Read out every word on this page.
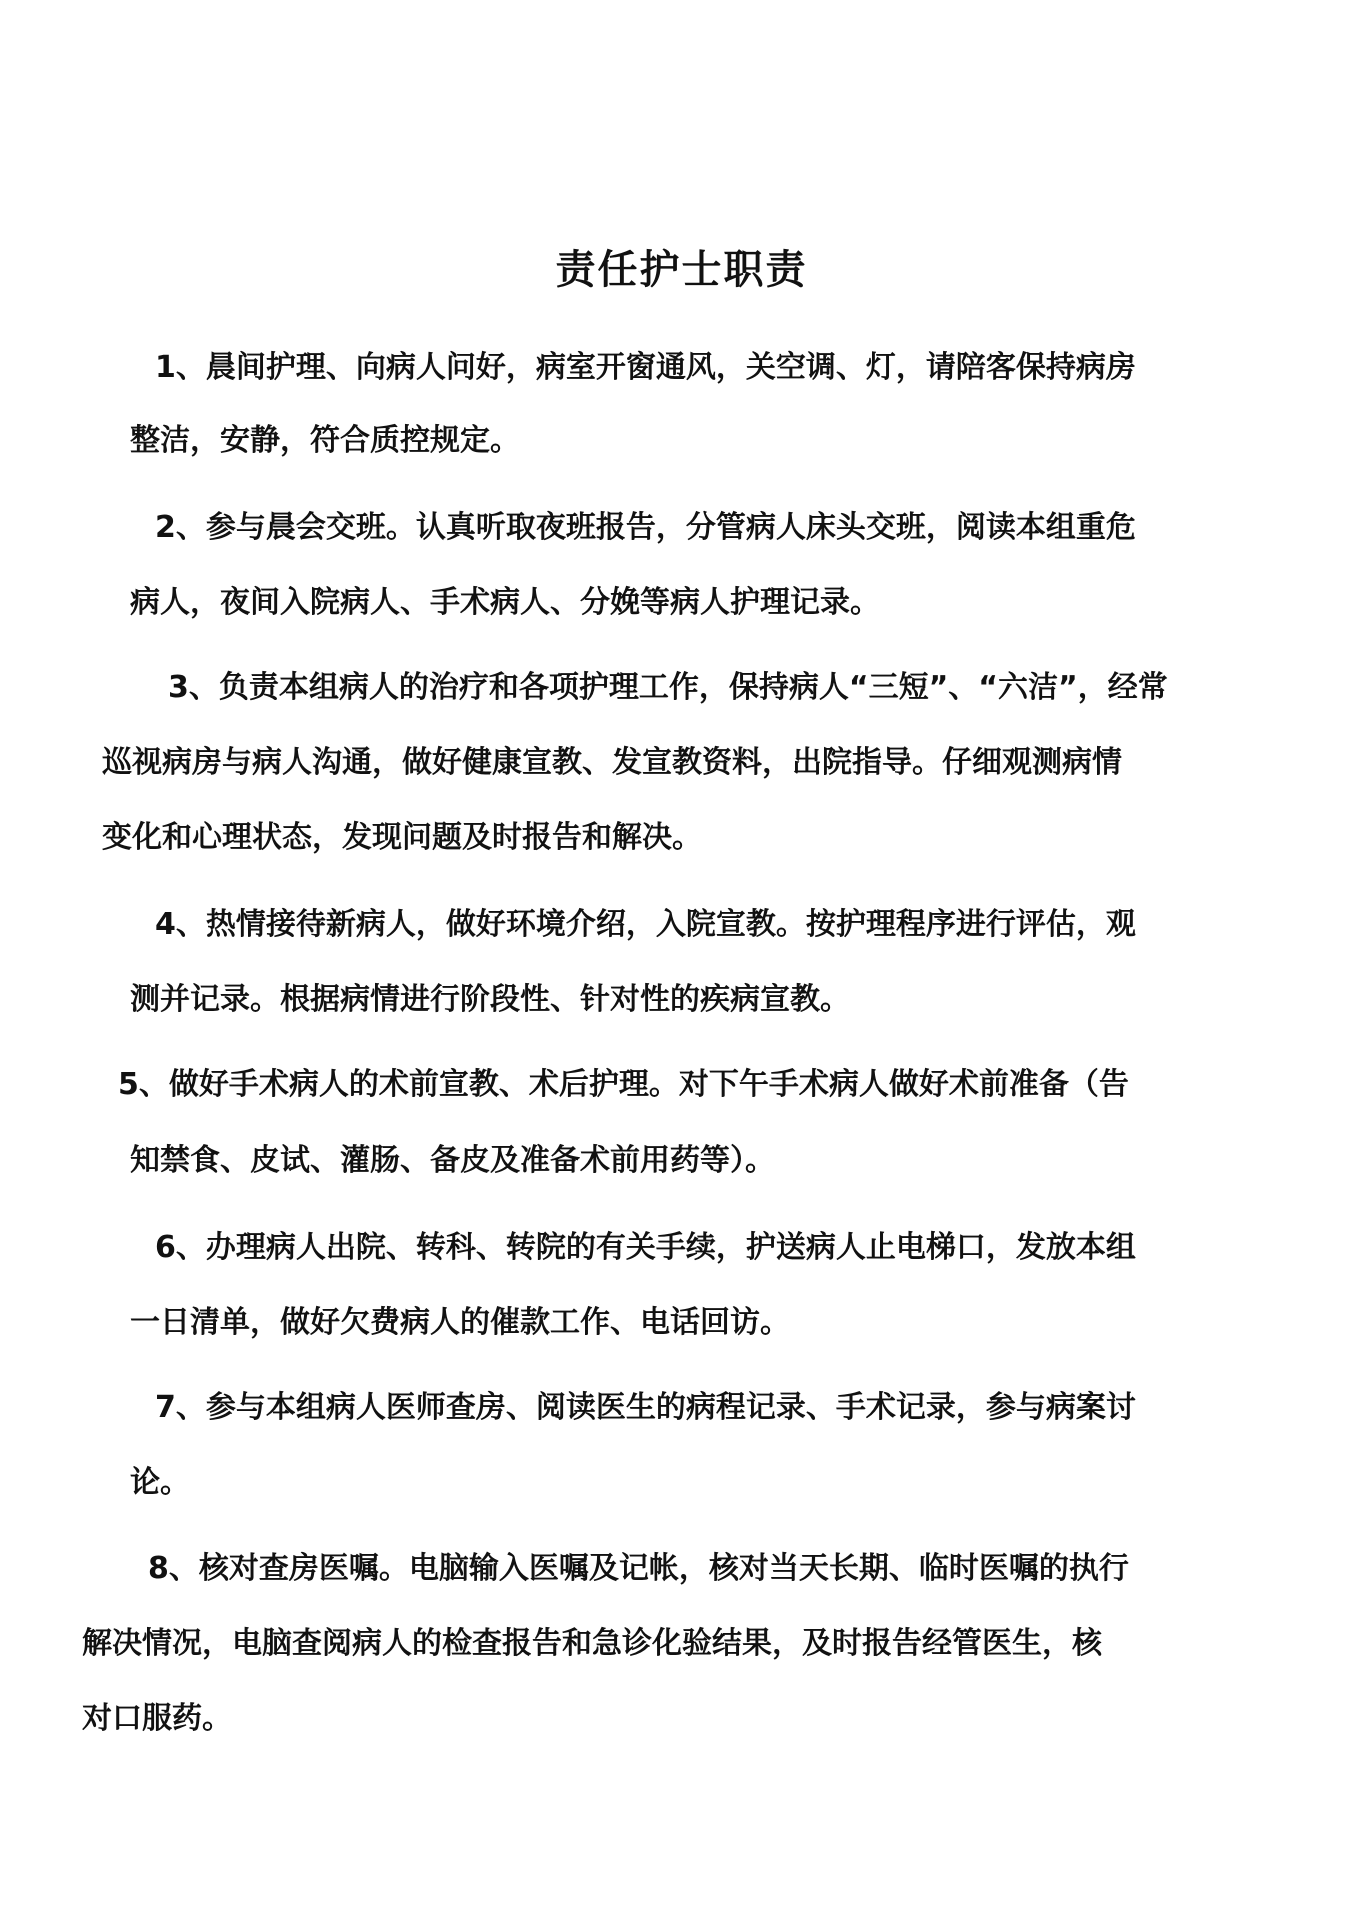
责任护士职责
1、晨间护理、向病人问好，病室开窗通风，关空调、灯，请陪客保持病房
整洁，安静，符合质控规定。
2、参与晨会交班。认真听取夜班报告，分管病人床头交班，阅读本组重危
病人，夜间入院病人、手术病人、分娩等病人护理记录。
3、负责本组病人的治疗和各项护理工作，保持病人“三短”、“六洁”，经常
巡视病房与病人沟通，做好健康宣教、发宣教资料，出院指导。仔细观测病情
变化和心理状态，发现问题及时报告和解决。
4、热情接待新病人，做好环境介绍，入院宣教。按护理程序进行评估，观
测并记录。根据病情进行阶段性、针对性的疾病宣教。
5、做好手术病人的术前宣教、术后护理。对下午手术病人做好术前准备（告
知禁食、皮试、灌肠、备皮及准备术前用药等）。
6、办理病人出院、转科、转院的有关手续，护送病人止电梯口，发放本组
一日清单，做好欠费病人的催款工作、电话回访。
7、参与本组病人医师查房、阅读医生的病程记录、手术记录，参与病案讨
论。
8、核对查房医嘱。电脑输入医嘱及记帐，核对当天长期、临时医嘱的执行
解决情况，电脑查阅病人的检查报告和急诊化验结果，及时报告经管医生，核
对口服药。
